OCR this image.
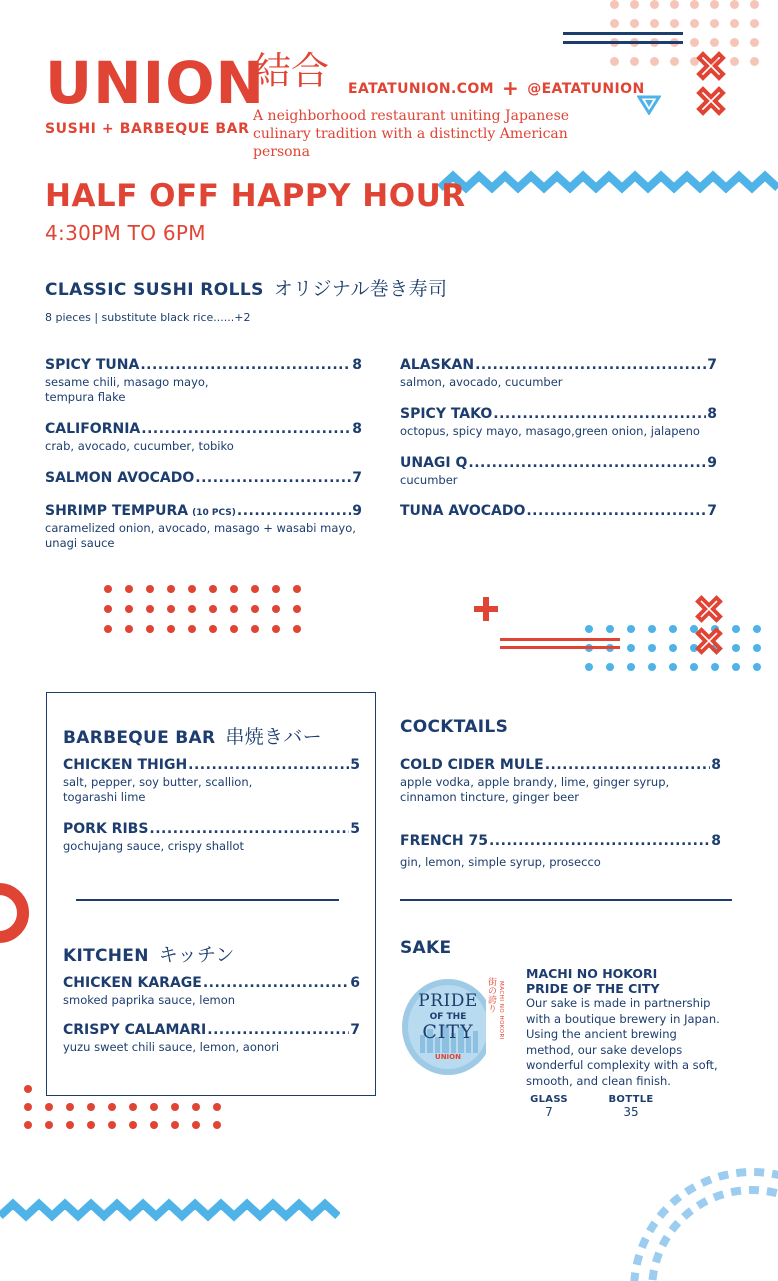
UNION
SUSHI + BARBEQUE BAR
結合 EATATUNION.COM + @EATATUNION
A neighborhood restaurant uniting Japanese culinary tradition with a distinctly American persona
HALF OFF HAPPY HOUR
4:30PM TO 6PM
CLASSIC SUSHI ROLLS オリジナル巻き寿司
8 pieces | substitute black rice......+2
SPICY TUNA .....	8
sesame chili, masago mayo,
tempura flake
CALIFORNIA .....	8
crab, avocado, cucumber, tobiko
SALMON AVOCADO .....	7
SHRIMP TEMPURA (10 PCS) .....	9
caramelized onion, avocado, masago + wasabi mayo,
unagi sauce
ALASKAN .....	7
salmon, avocado, cucumber
SPICY TAKO .....	8
octopus, spicy mayo, masago,green onion, jalapeno
UNAGI Q .....	9
cucumber
TUNA AVOCADO .....	7
BARBEQUE BAR 串焼きバー
CHICKEN THIGH .....	5
salt, pepper, soy butter, scallion,
togarashi lime
PORK RIBS .....	5
gochujang sauce, crispy shallot
KITCHEN キッチン
CHICKEN KARAGE .....	6
smoked paprika sauce, lemon
CRISPY CALAMARI .....	7
yuzu sweet chili sauce, lemon, aonori
COCKTAILS
COLD CIDER MULE .....	8
apple vodka, apple brandy, lime, ginger syrup,
cinnamon tincture, ginger beer
FRENCH 75 .....	8
gin, lemon, simple syrup, prosecco
SAKE
PRIDE
OF THE
CITY
UNION
街の誇り MACHI NO HOKORI
MACHI NO HOKORI
PRIDE OF THE CITY
Our sake is made in partnership with a boutique brewery in Japan. Using the ancient brewing method, our sake develops wonderful complexity with a soft, smooth, and clean finish.
GLASS
7
BOTTLE
35
